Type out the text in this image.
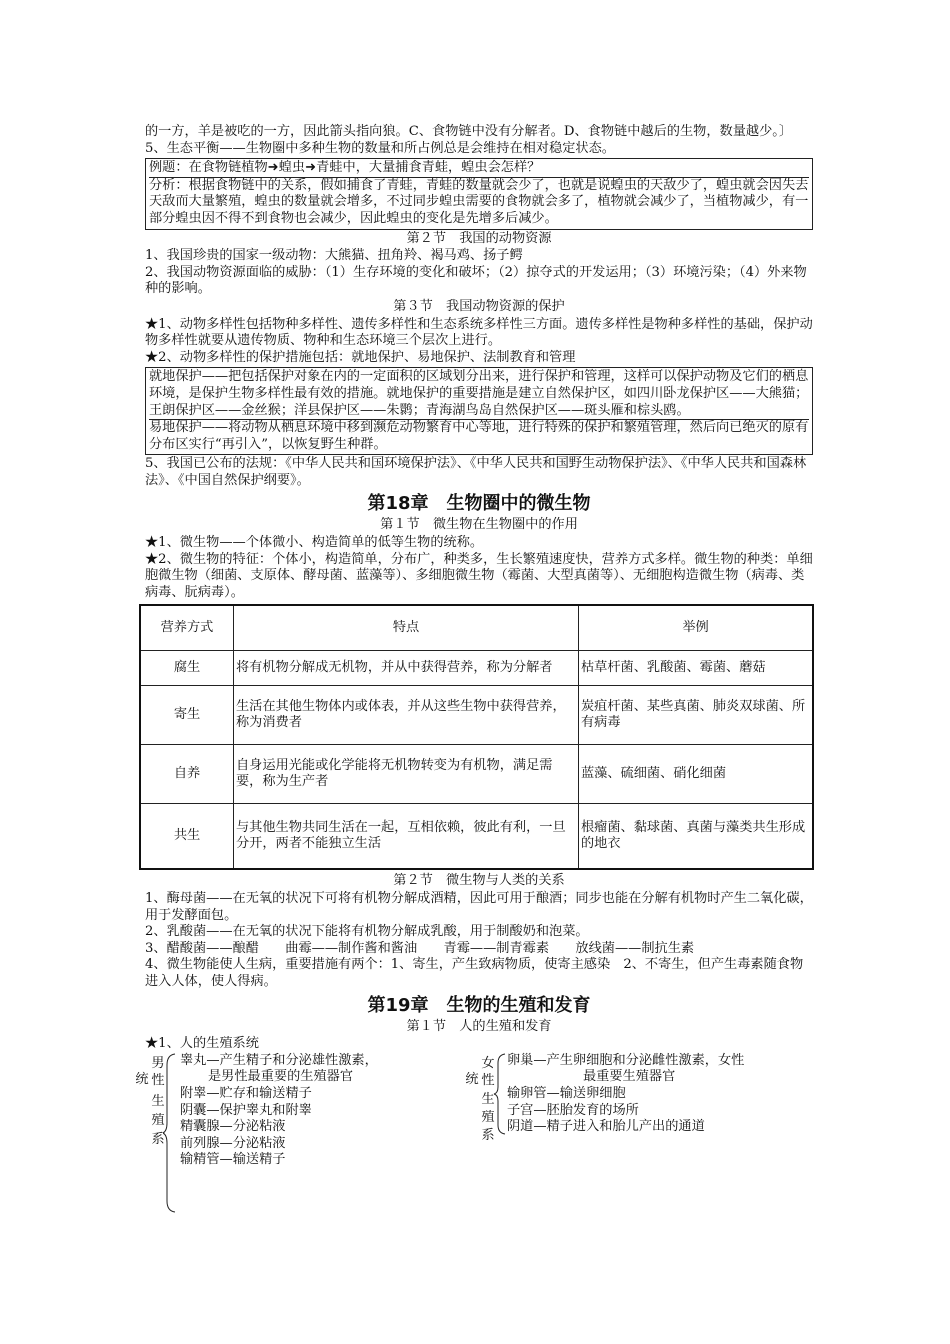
的一方，羊是被吃的一方，因此箭头指向狼。C、食物链中没有分解者。D、食物链中越后的生物，数量越少。〕

5、生态平衡——生物圈中多种生物的数量和所占例总是会维持在相对稳定状态。

例题：在食物链植物➜蝗虫➜青蛙中，大量捕食青蛙，蝗虫会怎样？

分析：根据食物链中的关系，假如捕食了青蛙，青蛙的数量就会少了，也就是说蝗虫的天敌少了，蝗虫就会因失去天敌而大量繁殖，蝗虫的数量就会增多，不过同步蝗虫需要的食物就会多了，植物就会减少了，当植物减少，有一部分蝗虫因不得不到食物也会减少，因此蝗虫的变化是先增多后减少。

第２节　我国的动物资源

1、我国珍贵的国家一级动物：大熊猫、扭角羚、褐马鸡、扬子鳄

2、我国动物资源面临的威胁：（1）生存环境的变化和破坏；（2）掠夺式的开发运用；（3）环境污染；（4）外来物种的影响。

第３节　我国动物资源的保护

★1、动物多样性包括物种多样性、遗传多样性和生态系统多样性三方面。遗传多样性是物种多样性的基础，保护动物多样性就要从遗传物质、物种和生态环境三个层次上进行。

★2、动物多样性的保护措施包括：就地保护、易地保护、法制教育和管理

就地保护——把包括保护对象在内的一定面积的区域划分出来，进行保护和管理，这样可以保护动物及它们的栖息环境，是保护生物多样性最有效的措施。就地保护的重要措施是建立自然保护区，如四川卧龙保护区——大熊猫；王朗保护区——金丝猴；洋县保护区——朱鹮；青海湖鸟岛自然保护区——斑头雁和棕头鸥。

易地保护——将动物从栖息环境中移到濒危动物繁育中心等地，进行特殊的保护和繁殖管理，然后向已绝灭的原有分布区实行“再引入”，以恢复野生种群。

5、我国已公布的法规：《中华人民共和国环境保护法》、《中华人民共和国野生动物保护法》、《中华人民共和国森林法》、《中国自然保护纲要》。

第18章　生物圈中的微生物

第１节　微生物在生物圈中的作用

★1、微生物——个体微小、构造简单的低等生物的统称。

★2、微生物的特征：个体小，构造简单，分布广，种类多，生长繁殖速度快，营养方式多样。微生物的种类：单细胞微生物（细菌、支原体、酵母菌、蓝藻等）、多细胞微生物（霉菌、大型真菌等）、无细胞构造微生物（病毒、类病毒、朊病毒）。

营养方式	特点	举例
腐生	将有机物分解成无机物，并从中获得营养，称为分解者	枯草杆菌、乳酸菌、霉菌、蘑菇
寄生	生活在其他生物体内或体表，并从这些生物中获得营养，称为消费者	炭疽杆菌、某些真菌、肺炎双球菌、所有病毒
自养	自身运用光能或化学能将无机物转变为有机物，满足需要，称为生产者	蓝藻、硫细菌、硝化细菌
共生	与其他生物共同生活在一起，互相依赖，彼此有利，一旦分开，两者不能独立生活	根瘤菌、黏球菌、真菌与藻类共生形成的地衣

第２节　微生物与人类的关系

1、酶母菌——在无氧的状况下可将有机物分解成酒精，因此可用于酿酒；同步也能在分解有机物时产生二氧化碳，用于发酵面包。

2、乳酸菌——在无氧的状况下能将有机物分解成乳酸，用于制酸奶和泡菜。

3、醋酸菌——酿醋　　曲霉——制作酱和酱油　　青霉——制青霉素　　放线菌——制抗生素

4、微生物能使人生病，重要措施有两个：1、寄生，产生致病物质，使寄主感染　2、不寄生，但产生毒素随食物进入人体，使人得病。

第19章　生物的生殖和发育

第１节　人的生殖和发育

★1、人的生殖系统

统
男
性
生
殖
系
睾丸—产生精子和分泌雄性激素，
是男性最重要的生殖器官
附睾—贮存和输送精子
阴囊—保护睾丸和附睾
精囊腺—分泌粘液
前列腺—分泌粘液
输精管—输送精子
统
女
性
生
殖
系
卵巢—产生卵细胞和分泌雌性激素，女性
最重要生殖器官
输卵管—输送卵细胞
子宫—胚胎发育的场所
阴道—精子进入和胎儿产出的通道
